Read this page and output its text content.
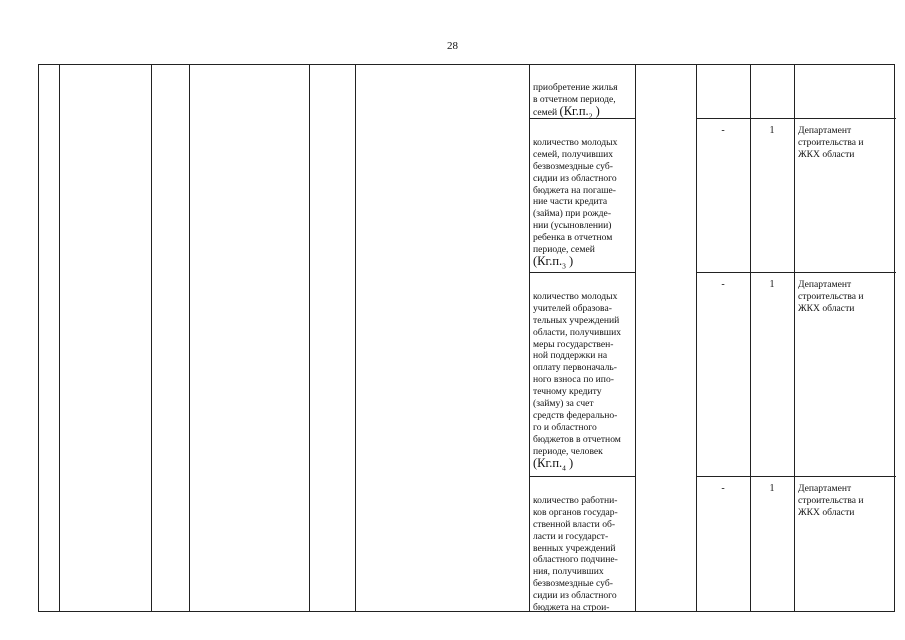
28

приобретение жилья
в отчетном периоде,
семей ($Кг.п._2$ )

количество молодых
семей, получивших
безвозмездные суб-
сидии из областного
бюджета на погаше-
ние части кредита
(займа) при рожде-
нии (усыновлении)
ребенка в отчетном
периоде, семей
($Кг.п._3$ )

-	1	Департамент
строительства и
ЖКХ области

количество молодых
учителей образова-
тельных учреждений
области, получивших
меры государствен-
ной поддержки на
оплату первоначаль-
ного взноса по ипо-
течному кредиту
(займу) за счет
средств федерально-
го и областного
бюджетов в отчетном
периоде, человек
($Кг.п._4$ )

-	1	Департамент
строительства и
ЖКХ области

количество работни-
ков органов государ-
ственной власти об-
ласти и государст-
венных учреждений
областного подчине-
ния, получивших
безвозмездные суб-
сидии из областного
бюджета на строи-

-	1	Департамент
строительства и
ЖКХ области
